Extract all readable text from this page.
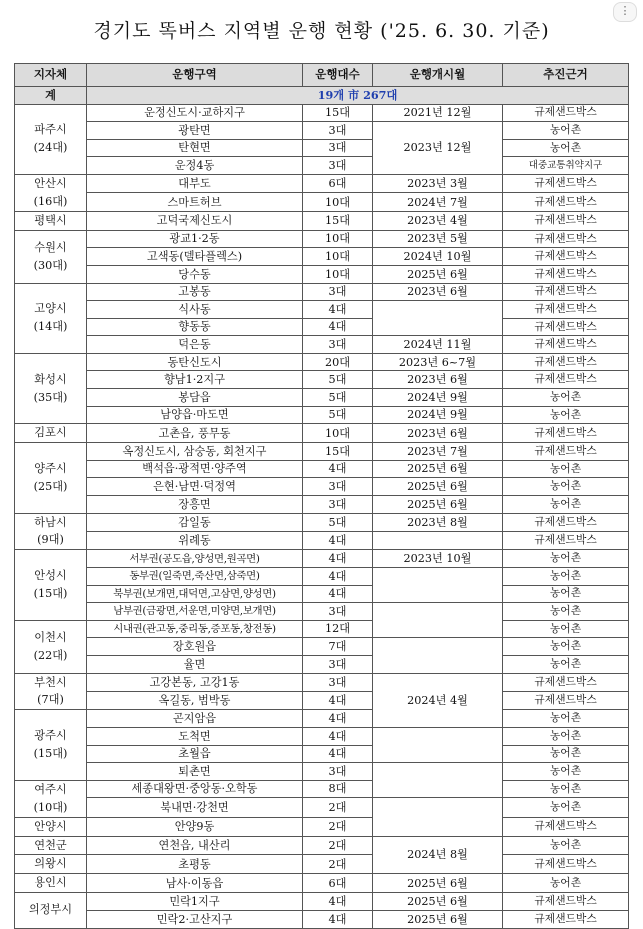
경기도 똑버스 지역별 운행 현황 ('25. 6. 30. 기준)
⋮
지자체	운행구역	운행대수	운행개시월	추진근거
계	19개 市 267대			

파주시
(24대)	운정신도시·교하지구	15대	2021년 12월	규제샌드박스
	광탄면	3대	2023년 12월	농어촌
	탄현면	3대		농어촌
	운정4동	3대		대중교통취약지구

안산시
(16대)	대부도	6대	2023년 3월	규제샌드박스
	스마트허브	10대	2024년 7월	규제샌드박스

평택시	고덕국제신도시	15대	2023년 4월	규제샌드박스

수원시
(30대)	광교1·2동	10대	2023년 5월	규제샌드박스
	고색동(델타플렉스)	10대	2024년 10월	규제샌드박스
	당수동	10대	2025년 6월	규제샌드박스

고양시
(14대)	고봉동	3대	2023년 6월	규제샌드박스
	식사동	4대		규제샌드박스
	향동동	4대		규제샌드박스
	덕은동	3대	2024년 11월	규제샌드박스

화성시
(35대)	동탄신도시	20대	2023년 6~7월	규제샌드박스
	향남1·2지구	5대	2023년 6월	규제샌드박스
	봉담읍	5대	2024년 9월	농어촌
	남양읍·마도면	5대	2024년 9월	농어촌

김포시	고촌읍, 풍무동	10대	2023년 6월	규제샌드박스

양주시
(25대)	옥정신도시, 삼숭동, 회천지구	15대	2023년 7월	규제샌드박스
	백석읍·광적면·양주역	4대	2025년 6월	농어촌
	은현·남면·덕정역	3대	2025년 6월	농어촌
	장흥면	3대	2025년 6월	농어촌

하남시
(9대)	감일동	5대	2023년 8월	규제샌드박스
	위례동	4대		규제샌드박스

안성시
(15대)	서부권(공도읍,양성면,원곡면)	4대	2023년 10월	농어촌
	동부권(일죽면,죽산면,삼죽면)	4대		농어촌
	북부권(보개면,대덕면,고삼면,양성면)	4대		농어촌
	남부권(금광면,서운면,미양면,보개면)	3대		농어촌

이천시
(22대)	시내권(관고동,중리동,증포동,창전동)	12대		농어촌
	장호원읍	7대		농어촌
	율면	3대		농어촌

부천시
(7대)	고강본동, 고강1동	3대	2024년 4월	규제샌드박스
	옥길동, 범박동	4대		규제샌드박스

광주시
(15대)	곤지암읍	4대		농어촌
	도척면	4대		농어촌
	초월읍	4대		농어촌
	퇴촌면	3대		농어촌

여주시
(10대)	세종대왕면·중앙동·오학동	8대		농어촌
	북내면·강천면	2대		농어촌

안양시	안양9동	2대		규제샌드박스

연천군	연천읍, 내산리	2대	2024년 8월	농어촌

의왕시	초평동	2대		규제샌드박스

용인시	남사·이동읍	6대	2025년 6월	농어촌

의정부시	민락1지구	4대	2025년 6월	규제샌드박스
	민락2·고산지구	4대	2025년 6월	규제샌드박스
